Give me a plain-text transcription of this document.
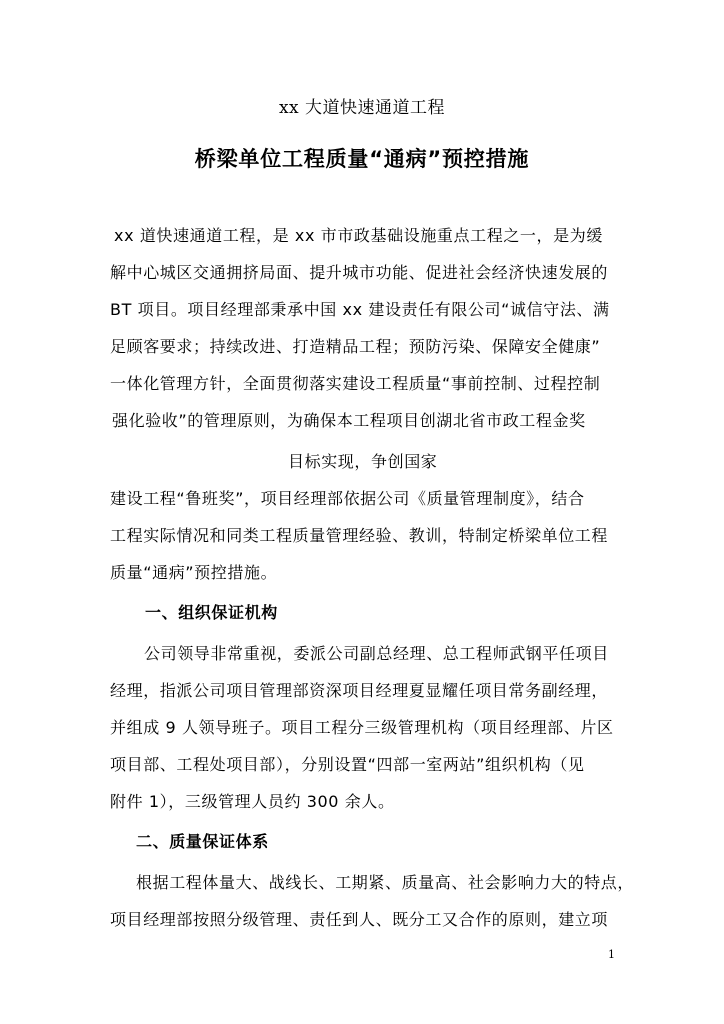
xx 大道快速通道工程
桥梁单位工程质量“通病”预控措施
xx 道快速通道工程，是 xx 市市政基础设施重点工程之一，是为缓
解中心城区交通拥挤局面、提升城市功能、促进社会经济快速发展的
BT 项目。项目经理部秉承中国 xx 建设责任有限公司“诚信守法、满
足顾客要求；持续改进、打造精品工程；预防污染、保障安全健康”
一体化管理方针，全面贯彻落实建设工程质量“事前控制、过程控制
强化验收”的管理原则，为确保本工程项目创湖北省市政工程金奖
目标实现，争创国家
建设工程“鲁班奖”，项目经理部依据公司《质量管理制度》，结合
工程实际情况和同类工程质量管理经验、教训，特制定桥梁单位工程
质量“通病”预控措施。
一、组织保证机构
公司领导非常重视，委派公司副总经理、总工程师武钢平任项目
经理，指派公司项目管理部资深项目经理夏显耀任项目常务副经理，
并组成 9 人领导班子。项目工程分三级管理机构（项目经理部、片区
项目部、工程处项目部），分别设置“四部一室两站”组织机构（见
附件 1），三级管理人员约 300 余人。
二、质量保证体系
根据工程体量大、战线长、工期紧、质量高、社会影响力大的特点，
项目经理部按照分级管理、责任到人、既分工又合作的原则，建立项
1
